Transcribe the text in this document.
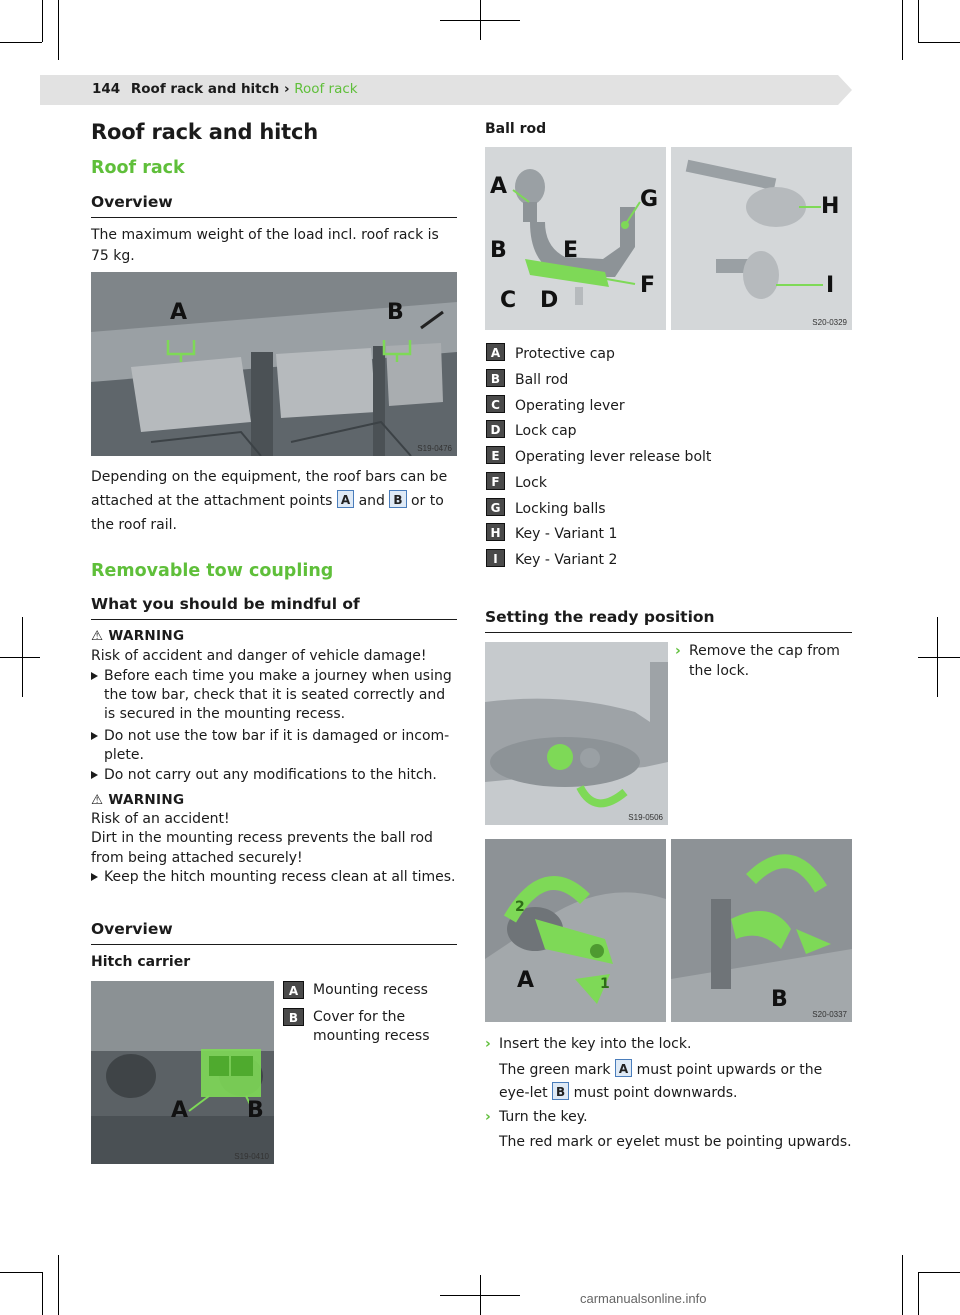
144 Roof rack and hitch › Roof rack
Roof rack and hitch
Roof rack
Overview
The maximum weight of the load incl. roof rack is 75 kg.
A	B
S19-0476
Depending on the equipment, the roof bars can be attached at the attachment points A and B or to the roof rail.
Removable tow coupling
What you should be mindful of
⚠ WARNING
Risk of accident and danger of vehicle damage!
Before each time you make a journey when using the tow bar, check that it is seated correctly and is secured in the mounting recess.
Do not use the tow bar if it is damaged or incom-plete.
Do not carry out any modifications to the hitch.
⚠ WARNING
Risk of an accident!
Dirt in the mounting recess prevents the ball rod from being attached securely!
Keep the hitch mounting recess clean at all times.
Overview
Hitch carrier
A	B
S19-0410
A	Mounting recess
B	Cover for the mounting recess
Ball rod
A
B
C D
E
F
G	H
I
S20-0329
A Protective cap
B Ball rod
C Operating lever
D Lock cap
E Operating lever release bolt
F Lock
G Locking balls
H Key - Variant 1
I Key - Variant 2
Setting the ready position
S19-0506
› Remove the cap from the lock.
A	1
2
B
S20-0337
› Insert the key into the lock.
The green mark A must point upwards or the eye-let B must point downwards.
› Turn the key.
The red mark or eyelet must be pointing upwards.
carmanualsonline.info
